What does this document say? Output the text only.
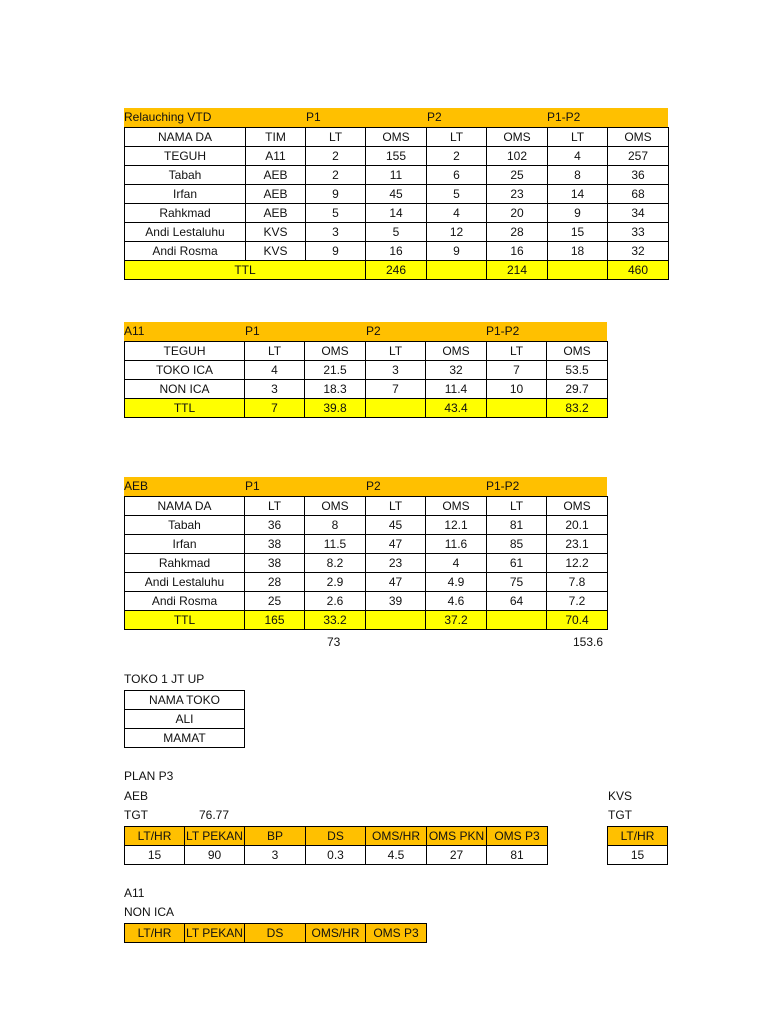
Relauching VTD	P1	P2	P1-P2
NAMA DA	TIM	LT	OMS	LT	OMS	LT	OMS
TEGUH	A11	2	155	2	102	4	257
Tabah	AEB	2	11	6	25	8	36
Irfan	AEB	9	45	5	23	14	68
Rahkmad	AEB	5	14	4	20	9	34
Andi Lestaluhu	KVS	3	5	12	28	15	33
Andi Rosma	KVS	9	16	9	16	18	32
TTL			246		214		460
A11	P1	P2	P1-P2
TEGUH	LT	OMS	LT	OMS	LT	OMS
TOKO ICA	4	21.5	3	32	7	53.5
NON ICA	3	18.3	7	11.4	10	29.7
TTL	7	39.8		43.4		83.2
AEB	P1	P2	P1-P2
NAMA DA	LT	OMS	LT	OMS	LT	OMS
Tabah	36	8	45	12.1	81	20.1
Irfan	38	11.5	47	11.6	85	23.1
Rahkmad	38	8.2	23	4	61	12.2
Andi Lestaluhu	28	2.9	47	4.9	75	7.8
Andi Rosma	25	2.6	39	4.6	64	7.2
TTL	165	33.2		37.2		70.4
73	153.6
TOKO 1 JT UP
NAMA TOKO
ALI
MAMAT
PLAN P3
AEB
TGT	76.77
KVS
TGT
LT/HR	LT PEKAN	BP	DS	OMS/HR	OMS PKN	OMS P3
15	90	3	0.3	4.5	27	81
LT/HR
15
A11
NON ICA
LT/HR	LT PEKAN	DS	OMS/HR	OMS P3
